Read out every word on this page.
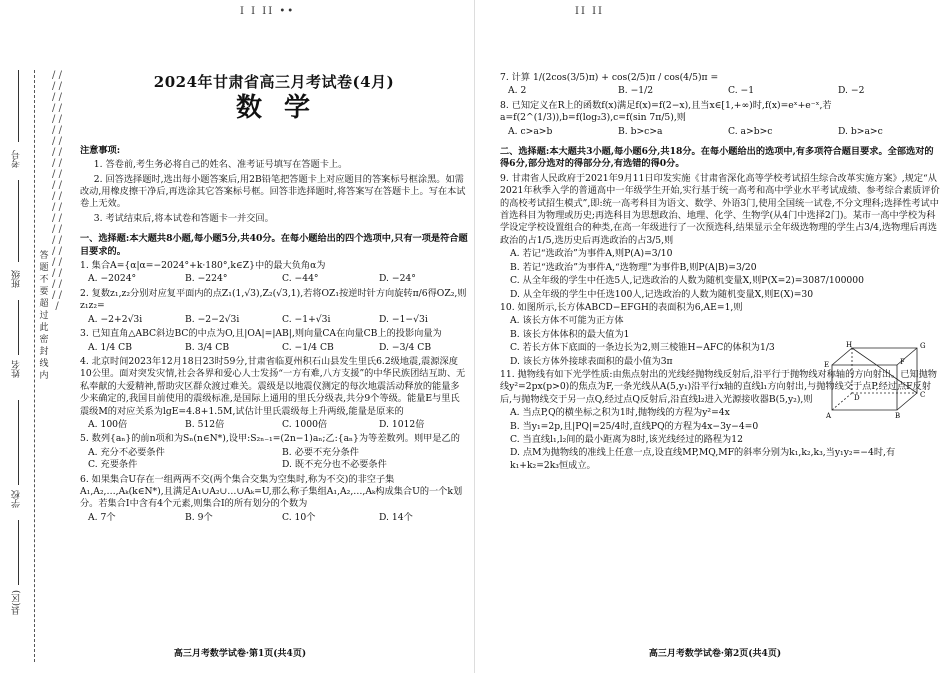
I I II ••
/ / / / / / / / / / / / / / / / / / / / / / / / / / / / / / / / / / / / / / / / / / /
考号
班级
姓名
学校
县(区)
答题不要超过此密封线内
2024年甘肃省高三月考试卷(4月)
数学
注意事项:

1. 答卷前,考生务必将自己的姓名、准考证号填写在答题卡上。

2. 回答选择题时,选出每小题答案后,用2B铅笔把答题卡上对应题目的答案标号框涂黑。如需改动,用橡皮擦干净后,再选涂其它答案标号框。回答非选择题时,将答案写在答题卡上。写在本试卷上无效。

3. 考试结束后,将本试卷和答题卡一并交回。

一、选择题:本大题共8小题,每小题5分,共40分。在每小题给出的四个选项中,只有一项是符合题目要求的。
1. 集合A={α|α=−2024°+k·180°,k∈Z}中的最大负角α为
A. −2024°	B. −224°	C. −44°	D. −24°
2. 复数z₁,z₂分别对应复平面内的点Z₁(1,√3),Z₂(√3,1),若将OZ₁按逆时针方向旋转π/6得OZ₂,则z₁z₂=
A. −2+2√3i	B. −2−2√3i	C. −1+√3i	D. −1−√3i
3. 已知直角△ABC斜边BC的中点为O,且|OA|=|AB|,则向量CA在向量CB上的投影向量为
A. 1/4 CB	B. 3/4 CB	C. −1/4 CB	D. −3/4 CB
4. 北京时间2023年12月18日23时59分,甘肃省临夏州积石山县发生里氏6.2级地震,震源深度10公里。面对突发灾情,社会各界和爱心人士发扬“一方有难,八方支援”的中华民族团结互助、无私奉献的大爱精神,帮助灾区群众渡过难关。震级是以地震仪测定的每次地震活动释放的能量多少来确定的,我国目前使用的震级标准,是国际上通用的里氏分级表,共分9个等级。能量E与里氏震级M的对应关系为lgE=4.8+1.5M,试估计里氏震级每上升两级,能量是原来的
A. 100倍	B. 512倍	C. 1000倍	D. 1012倍
5. 数列{aₙ}的前n项和为Sₙ(n∈N*),设甲:S₂ₙ₋₁=(2n−1)aₙ;乙:{aₙ}为等差数列。则甲是乙的
A. 充分不必要条件	B. 必要不充分条件
C. 充要条件	D. 既不充分也不必要条件
6. 如果集合U存在一组两两不交(两个集合交集为空集时,称为不交)的非空子集A₁,A₂,…,Aₖ(k∈N*),且满足A₁∪A₂∪…∪Aₖ=U,那么称子集组A₁,A₂,…,Aₖ构成集合U的一个k划分。若集合I中含有4个元素,则集合I的所有划分的个数为
A. 7个	B. 9个	C. 10个	D. 14个
高三月考数学试卷·第1页(共4页)
II II
7. 计算 1/(2cos(3/5)π) + cos(2/5)π / cos(4/5)π =
A. 2	B. −1/2	C. −1	D. −2
8. 已知定义在R上的函数f(x)满足f(x)=f(2−x),且当x∈[1,+∞)时,f(x)=eˣ+e⁻ˣ,若a=f(2^(1/3)),b=f(log₂3),c=f(sin 7π/5),则
A. c>a>b	B. b>c>a	C. a>b>c	D. b>a>c
二、选择题:本大题共3小题,每小题6分,共18分。在每小题给出的选项中,有多项符合题目要求。全部选对的得6分,部分选对的得部分分,有选错的得0分。
9. 甘肃省人民政府于2021年9月11日印发实施《甘肃省深化高等学校考试招生综合改革实施方案》,规定“从2021年秋季入学的普通高中一年级学生开始,实行基于统一高考和高中学业水平考试成绩、参考综合素质评价的高校考试招生模式”,即:统一高考科目为语文、数学、外语3门,使用全国统一试卷,不分文理科;选择性考试中首选科目为物理或历史;再选科目为思想政治、地理、化学、生物学(从4门中选择2门)。某市一高中学校为科学设定学校设置组合的种类,在高一年级进行了一次预选科,结果显示全年级选物理的学生占3/4,选物理后再选政治的占1/5,选历史后再选政治的占3/5,则
A. 若记“选政治”为事件A,则P(A)=3/10
B. 若记“选政治”为事件A,“选物理”为事件B,则P(A|B)=3/20
C. 从全年级的学生中任选5人,记选政治的人数为随机变量X,则P(X=2)=3087/100000
D. 从全年级的学生中任选100人,记选政治的人数为随机变量X,则E(X)=30
10. 如图所示,长方体ABCD−EFGH的表面积为6,AE=1,则
A. 该长方体不可能为正方体
B. 该长方体体积的最大值为1
C. 若长方体下底面的一条边长为2,则三棱锥H−AFC的体积为1/3
D. 该长方体外接球表面积的最小值为3π
11. 抛物线有如下光学性质:由焦点射出的光线经抛物线反射后,沿平行于抛物线对称轴的方向射出。已知抛物线y²=2px(p>0)的焦点为F,一条光线从A(5,y₁)沿平行x轴的直线l₁方向射出,与抛物线交于点P,经过点F反射后,与抛物线交于另一点Q,经过点Q反射后,沿直线l₂进入光源接收器B(5,y₂),则
A. 当点P,Q的横坐标之积为1时,抛物线的方程为y²=4x
B. 当y₁=2p,且|PQ|=25/4时,直线PQ的方程为4x−3y−4=0
C. 当直线l₁,l₂间的最小距离为8时,该光线经过的路程为12
D. 点M为抛物线的准线上任意一点,设直线MP,MQ,MF的斜率分别为k₁,k₂,k₃,当y₁y₂=−4时,有k₁+k₂=2k₃恒成立。
E	F
G
H
A	B
C
D
高三月考数学试卷·第2页(共4页)
